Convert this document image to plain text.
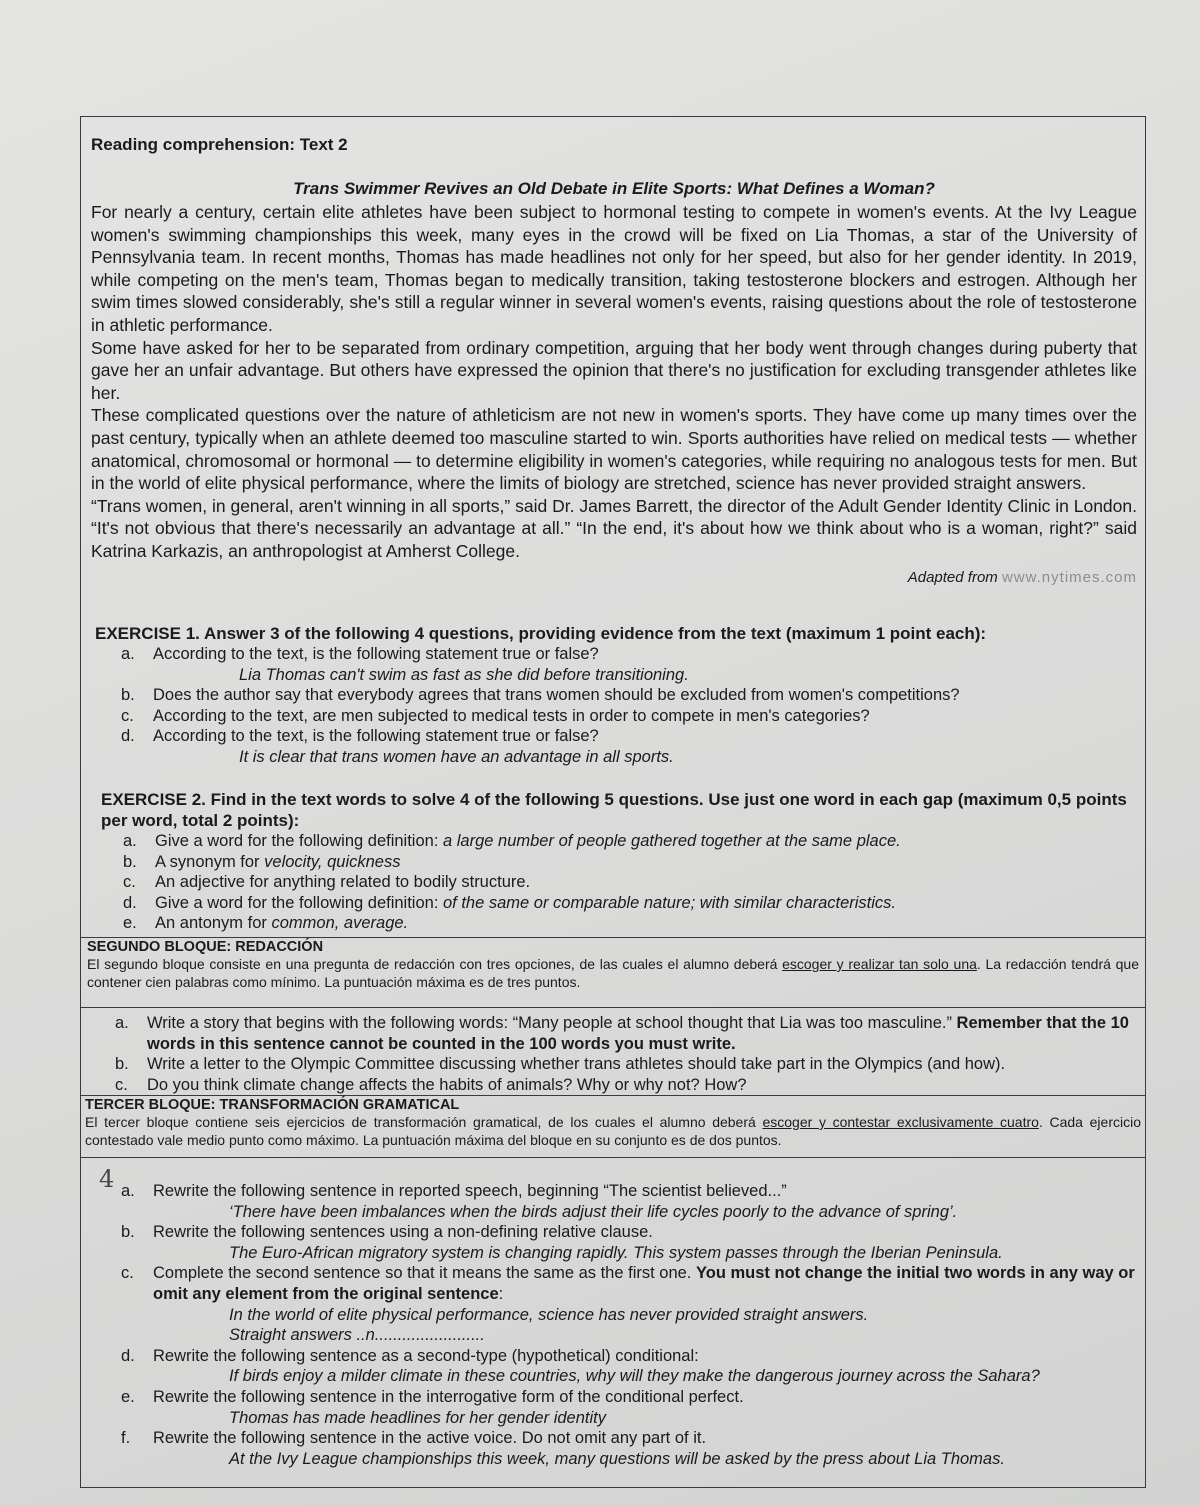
Reading comprehension: Text 2
Trans Swimmer Revives an Old Debate in Elite Sports: What Defines a Woman?

For nearly a century, certain elite athletes have been subject to hormonal testing to compete in women's events. At the Ivy League women's swimming championships this week, many eyes in the crowd will be fixed on Lia Thomas, a star of the University of Pennsylvania team. In recent months, Thomas has made headlines not only for her speed, but also for her gender identity. In 2019, while competing on the men's team, Thomas began to medically transition, taking testosterone blockers and estrogen. Although her swim times slowed considerably, she's still a regular winner in several women's events, raising questions about the role of testosterone in athletic performance.

Some have asked for her to be separated from ordinary competition, arguing that her body went through changes during puberty that gave her an unfair advantage. But others have expressed the opinion that there's no justification for excluding transgender athletes like her.

These complicated questions over the nature of athleticism are not new in women's sports. They have come up many times over the past century, typically when an athlete deemed too masculine started to win. Sports authorities have relied on medical tests — whether anatomical, chromosomal or hormonal — to determine eligibility in women's categories, while requiring no analogous tests for men. But in the world of elite physical performance, where the limits of biology are stretched, science has never provided straight answers.

“Trans women, in general, aren't winning in all sports,” said Dr. James Barrett, the director of the Adult Gender Identity Clinic in London. “It's not obvious that there's necessarily an advantage at all.” “In the end, it's about how we think about who is a woman, right?” said Katrina Karkazis, an anthropologist at Amherst College.

Adapted from www.nytimes.com

EXERCISE 1. Answer 3 of the following 4 questions, providing evidence from the text (maximum 1 point each):

a.	According to the text, is the following statement true or false?
Lia Thomas can't swim as fast as she did before transitioning.
b.	Does the author say that everybody agrees that trans women should be excluded from women's competitions?
c.	According to the text, are men subjected to medical tests in order to compete in men's categories?
d.	According to the text, is the following statement true or false?
It is clear that trans women have an advantage in all sports.

EXERCISE 2. Find in the text words to solve 4 of the following 5 questions. Use just one word in each gap (maximum 0,5 points per word, total 2 points):

a.	Give a word for the following definition: a large number of people gathered together at the same place.
b.	A synonym for velocity, quickness
c.	An adjective for anything related to bodily structure.
d.	Give a word for the following definition: of the same or comparable nature; with similar characteristics.
e.	An antonym for common, average.
SEGUNDO BLOQUE: REDACCIÓN
El segundo bloque consiste en una pregunta de redacción con tres opciones, de las cuales el alumno deberá escoger y realizar tan solo una. La redacción tendrá que contener cien palabras como mínimo. La puntuación máxima es de tres puntos.
a.	Write a story that begins with the following words: “Many people at school thought that Lia was too masculine.” Remember that the 10 words in this sentence cannot be counted in the 100 words you must write.
b.	Write a letter to the Olympic Committee discussing whether trans athletes should take part in the Olympics (and how).
c.	Do you think climate change affects the habits of animals? Why or why not? How?
TERCER BLOQUE: TRANSFORMACIÓN GRAMATICAL
El tercer bloque contiene seis ejercicios de transformación gramatical, de los cuales el alumno deberá escoger y contestar exclusivamente cuatro. Cada ejercicio contestado vale medio punto como máximo. La puntuación máxima del bloque en su conjunto es de dos puntos.
4 a.	Rewrite the following sentence in reported speech, beginning “The scientist believed...”
‘There have been imbalances when the birds adjust their life cycles poorly to the advance of spring’.
b.	Rewrite the following sentences using a non-defining relative clause.
The Euro-African migratory system is changing rapidly. This system passes through the Iberian Peninsula.
c.	Complete the second sentence so that it means the same as the first one. You must not change the initial two words in any way or omit any element from the original sentence:
In the world of elite physical performance, science has never provided straight answers.
Straight answers ..n........................
d.	Rewrite the following sentence as a second-type (hypothetical) conditional:
If birds enjoy a milder climate in these countries, why will they make the dangerous journey across the Sahara?
e.	Rewrite the following sentence in the interrogative form of the conditional perfect.
Thomas has made headlines for her gender identity
f.	Rewrite the following sentence in the active voice. Do not omit any part of it.
At the Ivy League championships this week, many questions will be asked by the press about Lia Thomas.
